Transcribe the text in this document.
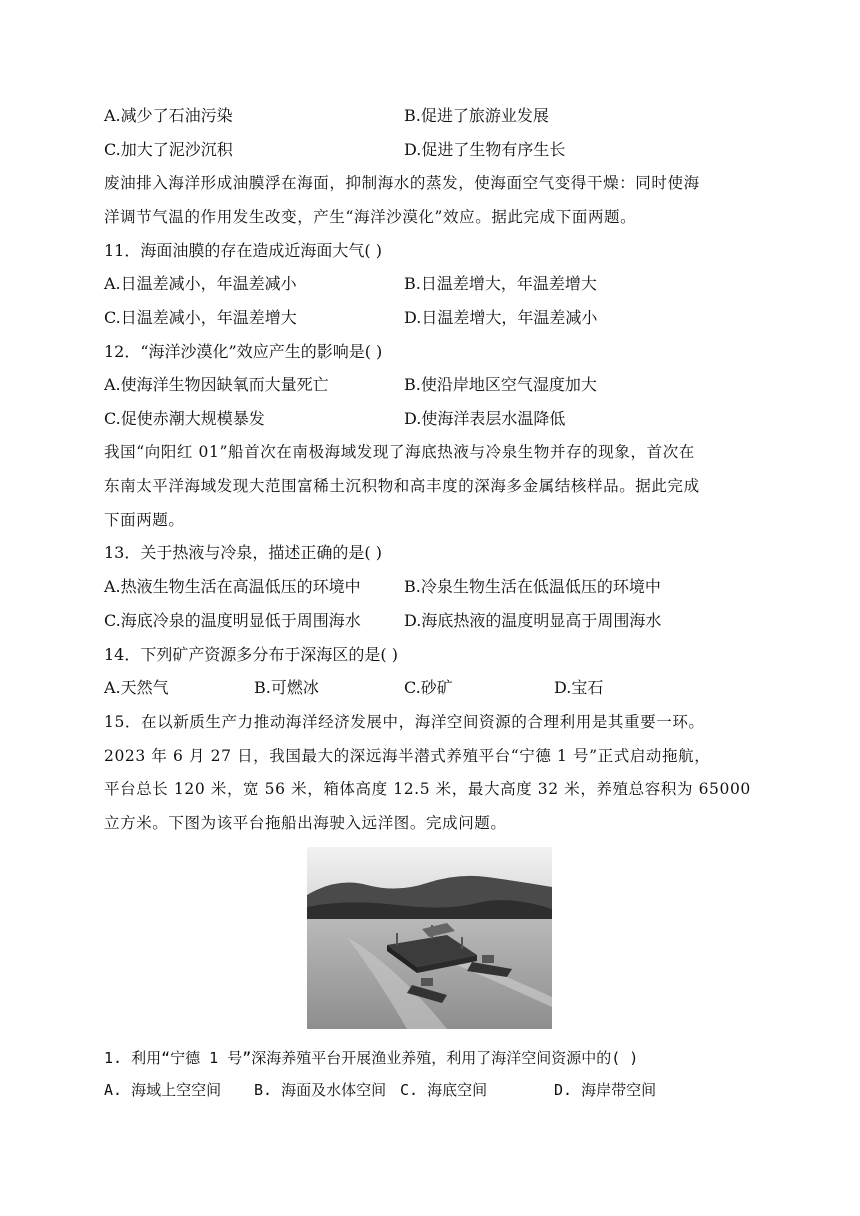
A.减少了石油污染	B.促进了旅游业发展
C.加大了泥沙沉积	D.促进了生物有序生长
废油排入海洋形成油膜浮在海面，抑制海水的蒸发，使海面空气变得干燥：同时使海
洋调节气温的作用发生改变，产生“海洋沙漠化”效应。据此完成下面两题。
11．海面油膜的存在造成近海面大气( )
A.日温差减小，年温差减小	B.日温差增大，年温差增大
C.日温差减小，年温差增大	D.日温差增大，年温差减小
12．“海洋沙漠化”效应产生的影响是( )
A.使海洋生物因缺氧而大量死亡	B.使沿岸地区空气湿度加大
C.促使赤潮大规模暴发	D.使海洋表层水温降低
我国“向阳红 01”船首次在南极海域发现了海底热液与冷泉生物并存的现象，首次在
东南太平洋海域发现大范围富稀土沉积物和高丰度的深海多金属结核样品。据此完成
下面两题。
13．关于热液与冷泉，描述正确的是( )
A.热液生物生活在高温低压的环境中	B.冷泉生物生活在低温低压的环境中
C.海底冷泉的温度明显低于周围海水	D.海底热液的温度明显高于周围海水
14．下列矿产资源多分布于深海区的是( )
A.天然气	B.可燃冰	C.砂矿	D.宝石
15．在以新质生产力推动海洋经济发展中，海洋空间资源的合理利用是其重要一环。
2023 年 6 月 27 日，我国最大的深远海半潜式养殖平台“宁德 1 号”正式启动拖航，
平台总长 120 米，宽 56 米，箱体高度 12.5 米，最大高度 32 米，养殖总容积为 65000
立方米。下图为该平台拖船出海驶入远洋图。完成问题。
1. 利用“宁德 1 号”深海养殖平台开展渔业养殖，利用了海洋空间资源中的( )
A. 海域上空空间 B. 海面及水体空间 C. 海底空间	D. 海岸带空间
